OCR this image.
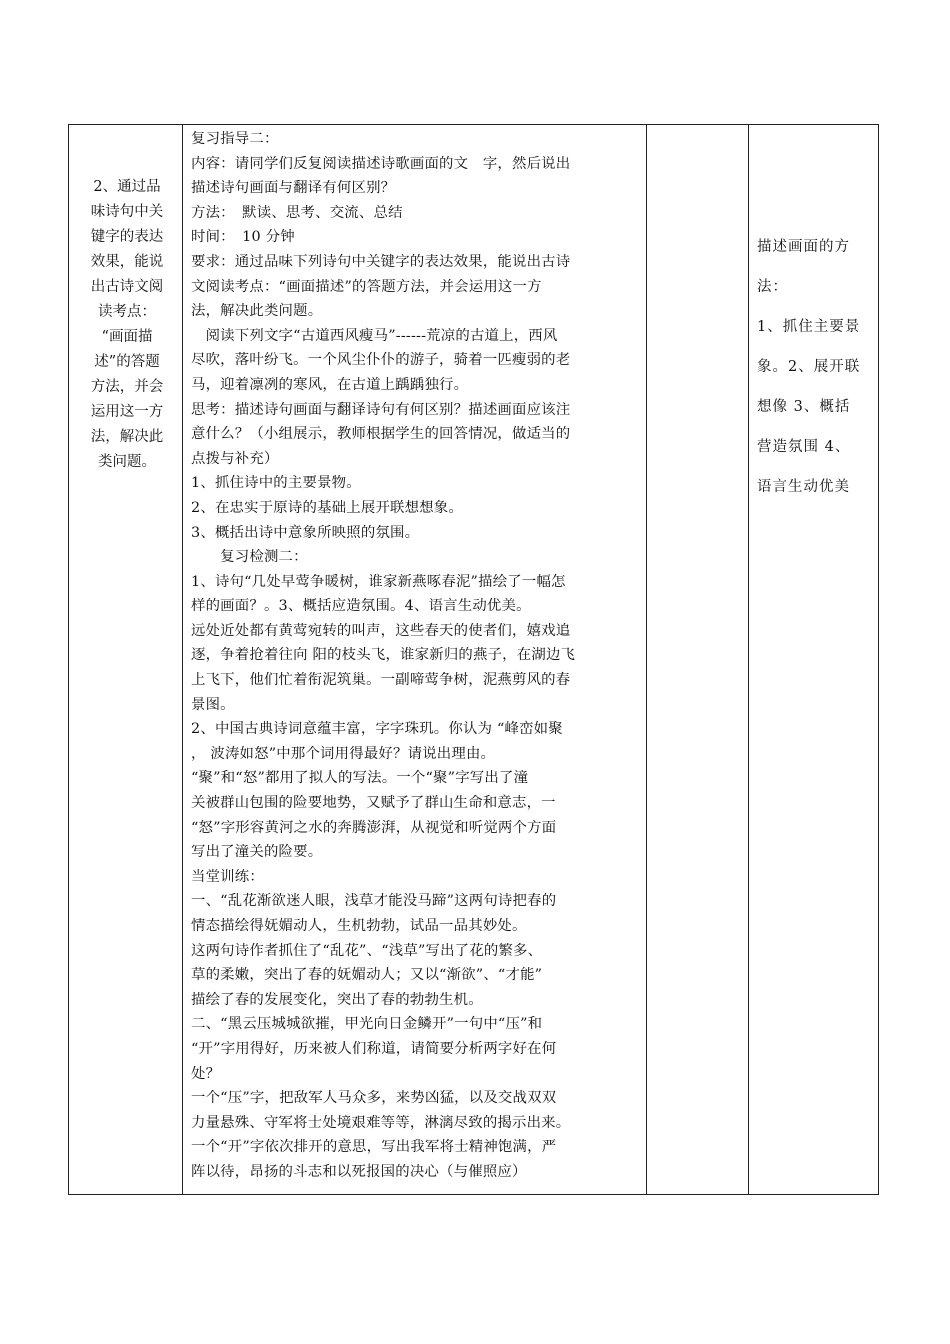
2、通过品

味诗句中关

键字的表达

效果，能说

出古诗文阅

读考点：

“画面描

述”的答题

方法，并会

运用这一方

法，解决此

类问题。

复习指导二：

内容：请同学们反复阅读描述诗歌画面的文　字，然后说出

描述诗句画面与翻译有何区别？

方法：　默读、思考、交流、总结

时间：　10 分钟

要求：通过品味下列诗句中关键字的表达效果，能说出古诗

文阅读考点：“画面描述”的答题方法，并会运用这一方

法，解决此类问题。

　阅读下列文字“古道西风瘦马”------荒凉的古道上，西风

尽吹，落叶纷飞。一个风尘仆仆的游子，骑着一匹瘦弱的老

马，迎着凛冽的寒风，在古道上踽踽独行。

思考：描述诗句画面与翻译诗句有何区别？描述画面应该注

意什么？（小组展示，教师根据学生的回答情况，做适当的

点拨与补充）

1、抓住诗中的主要景物。

2、在忠实于原诗的基础上展开联想想象。

3、概括出诗中意象所映照的氛围。

　　复习检测二：

1、诗句“几处早莺争暖树，谁家新燕啄春泥”描绘了一幅怎

样的画面？。3、概括应造氛围。4、语言生动优美。

远处近处都有黄莺宛转的叫声，这些春天的使者们，嬉戏追

逐，争着抢着往向 阳的枝头飞，谁家新归的燕子，在湖边飞

上飞下，他们忙着衔泥筑巢。一副啼莺争树，泥燕剪风的春

景图。

2、中国古典诗词意蕴丰富，字字珠玑。你认为 “峰峦如聚

， 波涛如怒”中那个词用得最好？请说出理由。

“聚”和“怒”都用了拟人的写法。一个“聚”字写出了潼

关被群山包围的险要地势，又赋予了群山生命和意志，一

“怒”字形容黄河之水的奔腾澎湃，从视觉和听觉两个方面

写出了潼关的险要。

当堂训练：

一、“乱花渐欲迷人眼，浅草才能没马蹄”这两句诗把春的

情态描绘得妩媚动人，生机勃勃，试品一品其妙处。

这两句诗作者抓住了“乱花”、“浅草”写出了花的繁多、

草的柔嫩，突出了春的妩媚动人；又以“渐欲”、“才能”

描绘了春的发展变化，突出了春的勃勃生机。

二、“黑云压城城欲摧，甲光向日金鳞开”一句中“压”和

“开”字用得好，历来被人们称道，请简要分析两字好在何

处？

一个“压”字，把敌军人马众多，来势凶猛，以及交战双双

力量悬殊、守军将士处境艰难等等，淋漓尽致的揭示出来。

一个“开”字依次排开的意思，写出我军将士精神饱满，严

阵以待，昂扬的斗志和以死报国的决心（与催照应）

描述画面的方

法：

1、抓住主要景

象。2、展开联

想像 3、概括

营造氛围 4、

语言生动优美
